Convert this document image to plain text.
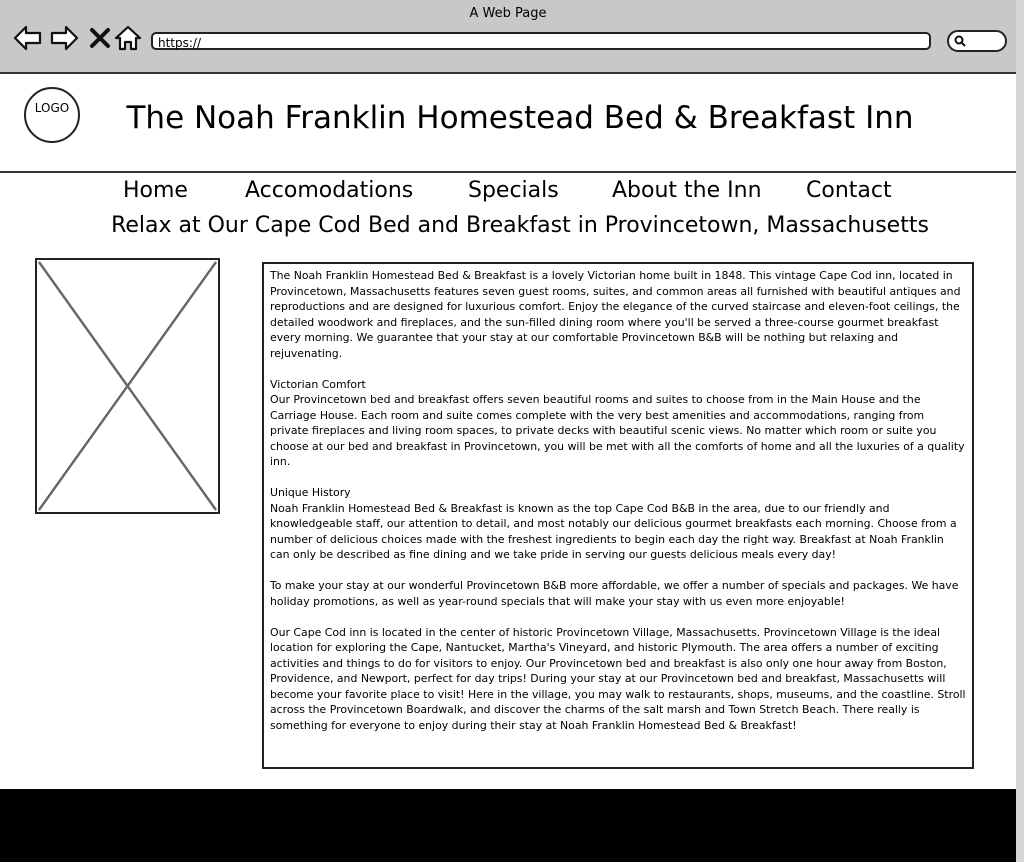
A Web Page
https://
LOGO	The Noah Franklin Homestead Bed & Breakfast Inn
Home	Accomodations Specials About the Inn Contact
Relax at Our Cape Cod Bed and Breakfast in Provincetown, Massachusetts

The Noah Franklin Homestead Bed & Breakfast is a lovely Victorian home built in 1848. This vintage Cape Cod inn, located in Provincetown, Massachusetts features seven guest rooms, suites, and common areas all furnished with beautiful antiques and reproductions and are designed for luxurious comfort. Enjoy the elegance of the curved staircase and eleven-foot ceilings, the detailed woodwork and fireplaces, and the sun-filled dining room where you'll be served a three-course gourmet breakfast every morning. We guarantee that your stay at our comfortable Provincetown B&B will be nothing but relaxing and rejuvenating.

Victorian Comfort
Our Provincetown bed and breakfast offers seven beautiful rooms and suites to choose from in the Main House and the Carriage House. Each room and suite comes complete with the very best amenities and accommodations, ranging from private fireplaces and living room spaces, to private decks with beautiful scenic views. No matter which room or suite you choose at our bed and breakfast in Provincetown, you will be met with all the comforts of home and all the luxuries of a quality inn.

Unique History
Noah Franklin Homestead Bed & Breakfast is known as the top Cape Cod B&B in the area, due to our friendly and knowledgeable staff, our attention to detail, and most notably our delicious gourmet breakfasts each morning. Choose from a number of delicious choices made with the freshest ingredients to begin each day the right way. Breakfast at Noah Franklin can only be described as fine dining and we take pride in serving our guests delicious meals every day!

To make your stay at our wonderful Provincetown B&B more affordable, we offer a number of specials and packages. We have holiday promotions, as well as year-round specials that will make your stay with us even more enjoyable!

Our Cape Cod inn is located in the center of historic Provincetown Village, Massachusetts. Provincetown Village is the ideal location for exploring the Cape, Nantucket, Martha's Vineyard, and historic Plymouth. The area offers a number of exciting activities and things to do for visitors to enjoy. Our Provincetown bed and breakfast is also only one hour away from Boston, Providence, and Newport, perfect for day trips! During your stay at our Provincetown bed and breakfast, Massachusetts will become your favorite place to visit! Here in the village, you may walk to restaurants, shops, museums, and the coastline. Stroll across the Provincetown Boardwalk, and discover the charms of the salt marsh and Town Stretch Beach. There really is something for everyone to enjoy during their stay at Noah Franklin Homestead Bed & Breakfast!
